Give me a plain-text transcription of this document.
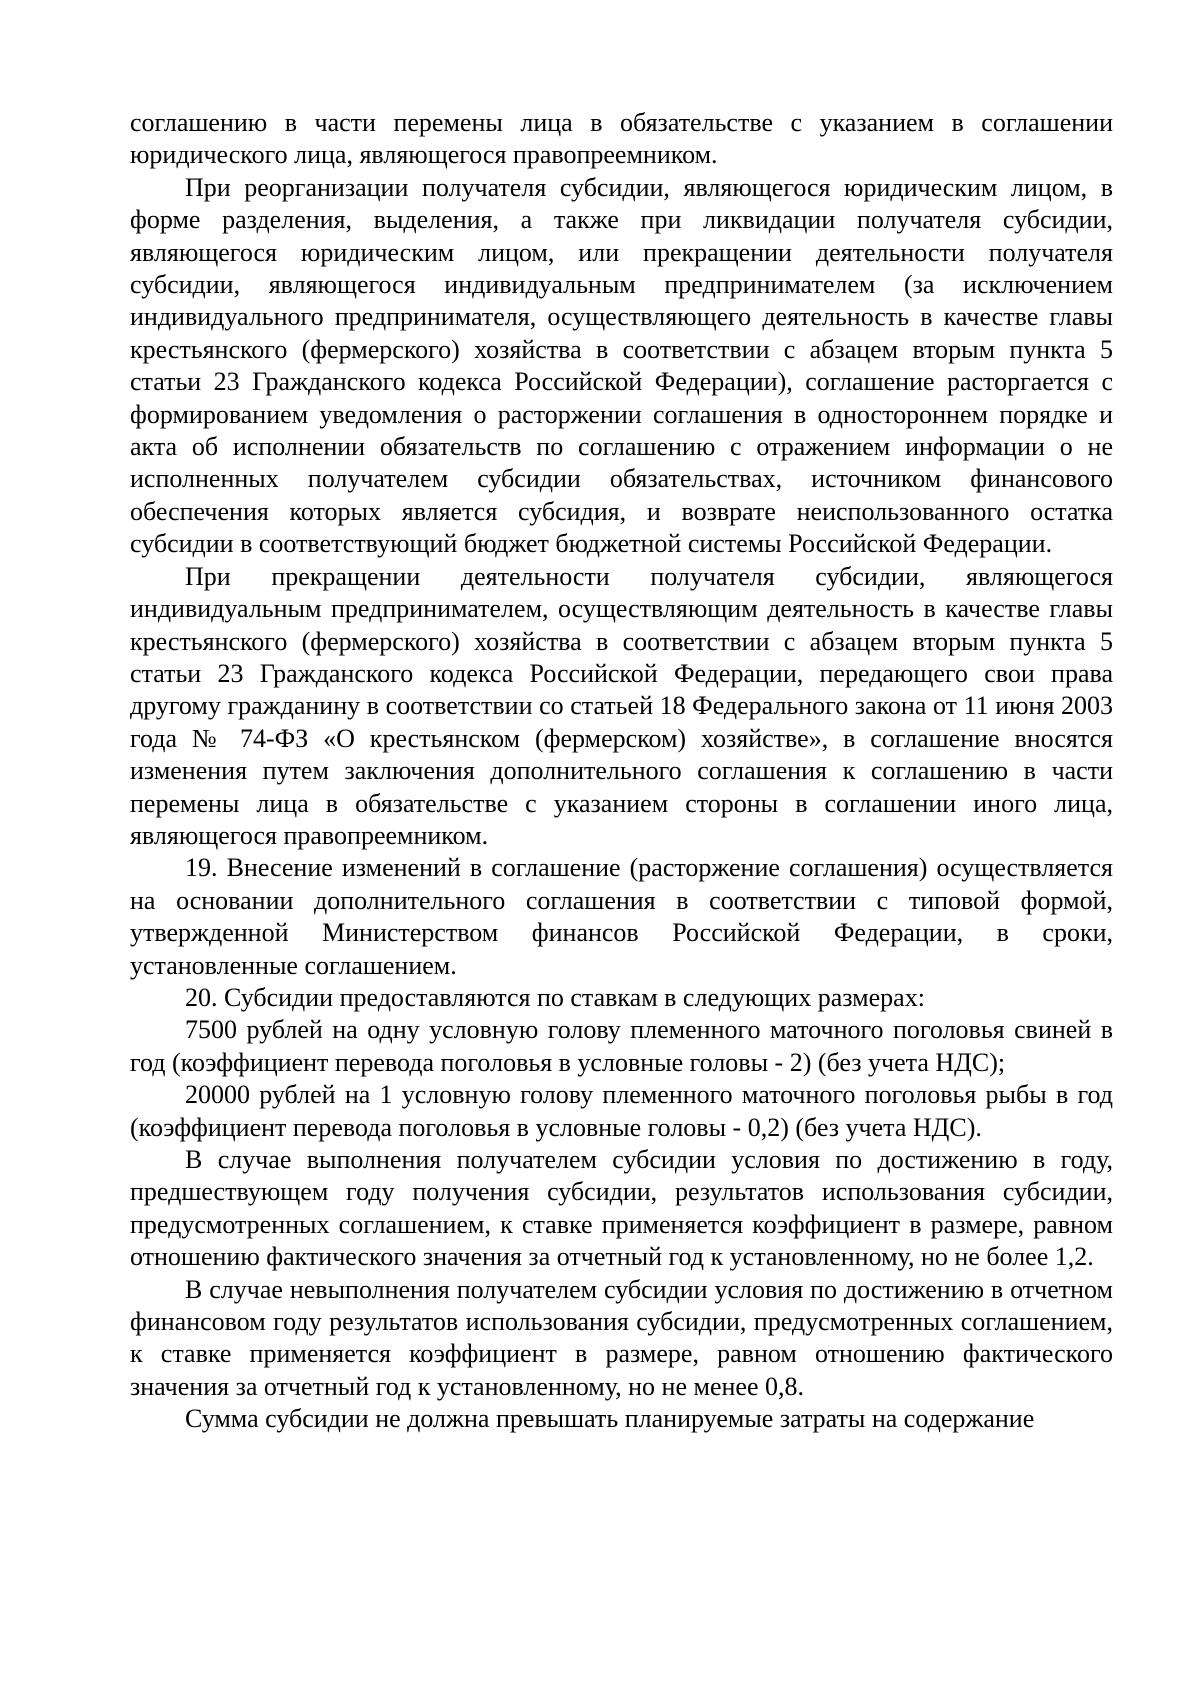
соглашению в части перемены лица в обязательстве с указанием в соглашении юридического лица, являющегося правопреемником.

При реорганизации получателя субсидии, являющегося юридическим лицом, в форме разделения, выделения, а также при ликвидации получателя субсидии, являющегося юридическим лицом, или прекращении деятельности получателя субсидии, являющегося индивидуальным предпринимателем (за исключением индивидуального предпринимателя, осуществляющего деятельность в качестве главы крестьянского (фермерского) хозяйства в соответствии с абзацем вторым пункта 5 статьи 23 Гражданского кодекса Российской Федерации), соглашение расторгается с формированием уведомления о расторжении соглашения в одностороннем порядке и акта об исполнении обязательств по соглашению с отражением информации о не исполненных получателем субсидии обязательствах, источником финансового обеспечения которых является субсидия, и возврате неиспользованного остатка субсидии в соответствующий бюджет бюджетной системы Российской Федерации.

При прекращении деятельности получателя субсидии, являющегося индивидуальным предпринимателем, осуществляющим деятельность в качестве главы крестьянского (фермерского) хозяйства в соответствии с абзацем вторым пункта 5 статьи 23 Гражданского кодекса Российской Федерации, передающего свои права другому гражданину в соответствии со статьей 18 Федерального закона от 11 июня 2003 года № 74-ФЗ «О крестьянском (фермерском) хозяйстве», в соглашение вносятся изменения путем заключения дополнительного соглашения к соглашению в части перемены лица в обязательстве с указанием стороны в соглашении иного лица, являющегося правопреемником.

19. Внесение изменений в соглашение (расторжение соглашения) осуществляется на основании дополнительного соглашения в соответствии с типовой формой, утвержденной Министерством финансов Российской Федерации, в сроки, установленные соглашением.

20. Субсидии предоставляются по ставкам в следующих размерах:

7500 рублей на одну условную голову племенного маточного поголовья свиней в год (коэффициент перевода поголовья в условные головы - 2) (без учета НДС);

20000 рублей на 1 условную голову племенного маточного поголовья рыбы в год (коэффициент перевода поголовья в условные головы - 0,2) (без учета НДС).

В случае выполнения получателем субсидии условия по достижению в году, предшествующем году получения субсидии, результатов использования субсидии, предусмотренных соглашением, к ставке применяется коэффициент в размере, равном отношению фактического значения за отчетный год к установленному, но не более 1,2.

В случае невыполнения получателем субсидии условия по достижению в отчетном финансовом году результатов использования субсидии, предусмотренных соглашением, к ставке применяется коэффициент в размере, равном отношению фактического значения за отчетный год к установленному, но не менее 0,8.

Сумма субсидии не должна превышать планируемые затраты на содержание
